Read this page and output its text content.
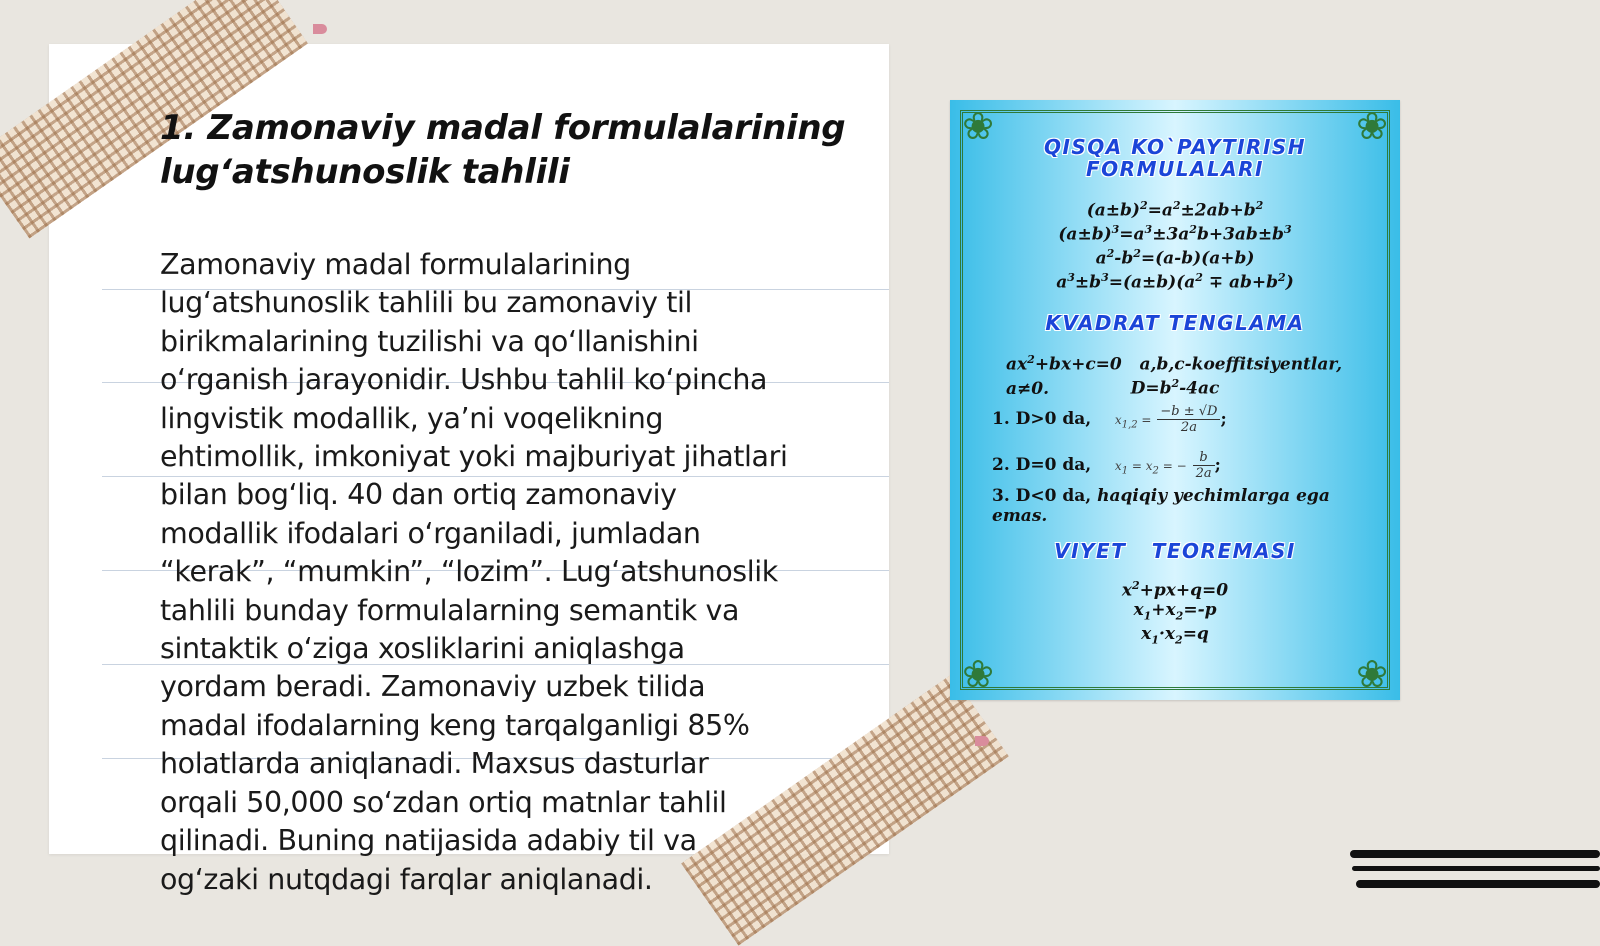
1. Zamonaviy madal formulalarining
lug‘atshunoslik tahlili
Zamonaviy madal formulalarining
lug‘atshunoslik tahlili bu zamonaviy til
birikmalarining tuzilishi va qo‘llanishini
o‘rganish jarayonidir. Ushbu tahlil ko‘pincha
lingvistik modallik, ya’ni voqelikning
ehtimollik, imkoniyat yoki majburiyat jihatlari
bilan bog‘liq. 40 dan ortiq zamonaviy
modallik ifodalari o‘rganiladi, jumladan
“kerak”, “mumkin”, “lozim”. Lug‘atshunoslik
tahlili bunday formulalarning semantik va
sintaktik o‘ziga xosliklarini aniqlashga
yordam beradi. Zamonaviy uzbek tilida
madal ifodalarning keng tarqalganligi 85%
holatlarda aniqlanadi. Maxsus dasturlar
orqali 50,000 so‘zdan ortiq matnlar tahlil
qilinadi. Buning natijasida adabiy til va
og‘zaki nutqdagi farqlar aniqlanadi.
❀	❀
❀	❀
QISQA KO`PAYTIRISH
FORMULALARI
$(a\pm b)^2=a^2\pm 2ab+b^2$
$(a\pm b)^3=a^3\pm 3a^2b+3ab\pm b^3$
$a^2-b^2=(a-b)(a+b)$
$a^3\pm b^3=(a\pm b)(a^2 \mp ab+b^2)$
KVADRAT TENGLAMA
$ax^2+bx+c=0$   a,b,c-koeffitsiyentlar, a≠0.	$D=b^2-4ac$
1. D>0 da, $x_{1,2} = \frac{-b \pm √D}{2a}$ ;
2. D=0 da, $x_1 = x_2$ = − $\frac{b}{2a}$ ;
3. D<0 da, haqiqiy yechimlarga ega emas.
VIYET   TEOREMASI
$x^2+px+q=0$
$x_1+x_2=-p$
$x_1\cdot x_2=q$
